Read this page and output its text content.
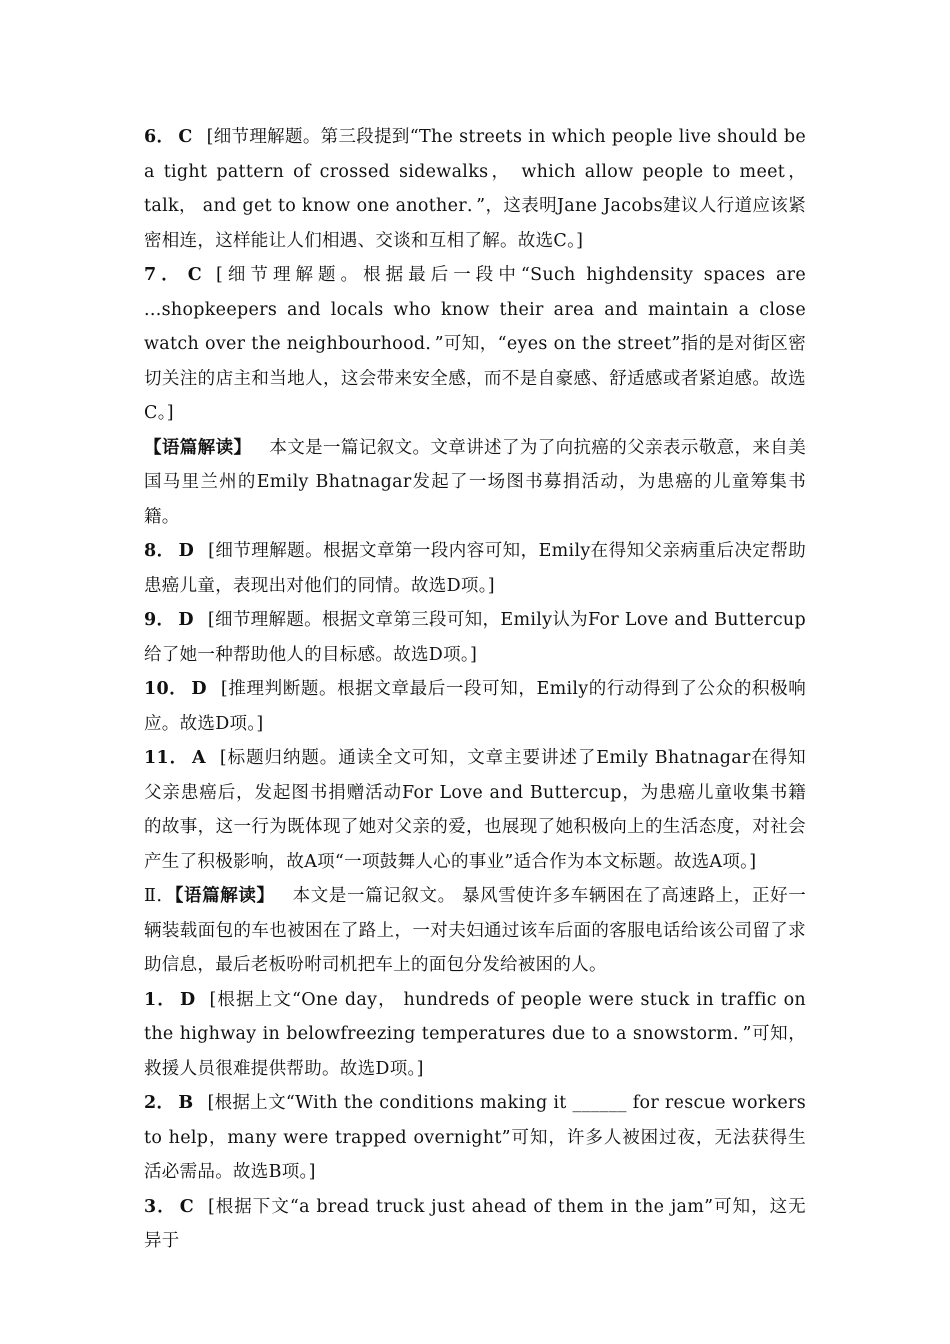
6． C [细节理解题。第三段提到“The streets in which people live should be a tight pattern of crossed sidewalks， which allow people to meet， talk， and get to know one another．”，这表明Jane Jacobs建议人行道应该紧密相连，这样能让人们相遇、交谈和互相了解。故选C。]

7． C [细节理解题。根据最后一段中“Such highdensity spaces are ...shopkeepers and locals who know their area and maintain a close watch over the neighbourhood．”可知，“eyes on the street”指的是对街区密切关注的店主和当地人，这会带来安全感，而不是自豪感、舒适感或者紧迫感。故选C。]

【语篇解读】 本文是一篇记叙文。文章讲述了为了向抗癌的父亲表示敬意，来自美国马里兰州的Emily Bhatnagar发起了一场图书募捐活动，为患癌的儿童筹集书籍。

8． D [细节理解题。根据文章第一段内容可知，Emily在得知父亲病重后决定帮助患癌儿童，表现出对他们的同情。故选D项。]

9． D [细节理解题。根据文章第三段可知，Emily认为For Love and Buttercup给了她一种帮助他人的目标感。故选D项。]

10． D [推理判断题。根据文章最后一段可知，Emily的行动得到了公众的积极响应。故选D项。]

11． A [标题归纳题。通读全文可知，文章主要讲述了Emily Bhatnagar在得知父亲患癌后，发起图书捐赠活动For Love and Buttercup，为患癌儿童收集书籍的故事，这一行为既体现了她对父亲的爱，也展现了她积极向上的生活态度，对社会产生了积极影响，故A项“一项鼓舞人心的事业”适合作为本文标题。故选A项。]

Ⅱ．【语篇解读】 本文是一篇记叙文。 暴风雪使许多车辆困在了高速路上，正好一辆装载面包的车也被困在了路上，一对夫妇通过该车后面的客服电话给该公司留了求助信息，最后老板吩咐司机把车上的面包分发给被困的人。

1． D [根据上文“One day， hundreds of people were stuck in traffic on the highway in belowfreezing temperatures due to a snowstorm．”可知，救援人员很难提供帮助。故选D项。]

2． B [根据上文“With the conditions making it ______ for rescue workers to help，many were trapped overnight”可知，许多人被困过夜，无法获得生活必需品。故选B项。]

3． C [根据下文“a bread truck just ahead of them in the jam”可知，这无异于
